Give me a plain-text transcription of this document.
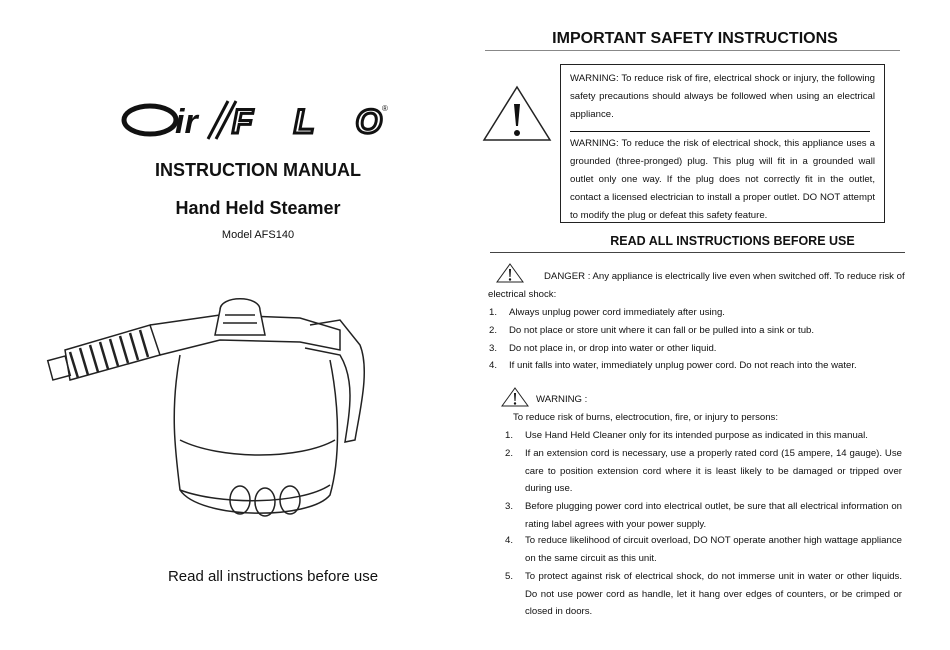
ir FLO ®
INSTRUCTION MANUAL
Hand Held Steamer
Model AFS140
Read all instructions before use
IMPORTANT SAFETY INSTRUCTIONS
WARNING: To reduce risk of fire, electrical shock or injury, the following safety precautions should always be followed when using an electrical appliance.
WARNING: To reduce the risk of electrical shock, this appliance uses a grounded (three-pronged) plug. This plug will fit in a grounded wall outlet only one way. If the plug does not correctly fit in the outlet, contact a licensed electrician to install a proper outlet. DO NOT attempt to modify the plug or defeat this safety feature.
READ ALL INSTRUCTIONS BEFORE USE
DANGER : Any appliance is electrically live even when switched off. To reduce risk of
electrical shock:
1. Always unplug power cord immediately after using.
2. Do not place or store unit where it can fall or be pulled into a sink or tub.
3. Do not place in, or drop into water or other liquid.
4. If unit falls into water, immediately unplug power cord. Do not reach into the water.
WARNING :
To reduce risk of burns, electrocution, fire, or injury to persons:
1. Use Hand Held Cleaner only for its intended purpose as indicated in this manual.
2. If an extension cord is necessary, use a properly rated cord (15 ampere, 14 gauge). Use care to position extension cord where it is least likely to be damaged or tripped over during use.
3. Before plugging power cord into electrical outlet, be sure that all electrical information on rating label agrees with your power supply.
4. To reduce likelihood of circuit overload, DO NOT operate another high wattage appliance on the same circuit as this unit.
5. To protect against risk of electrical shock, do not immerse unit in water or other liquids. Do not use power cord as handle, let it hang over edges of counters, or be crimped or closed in doors.
